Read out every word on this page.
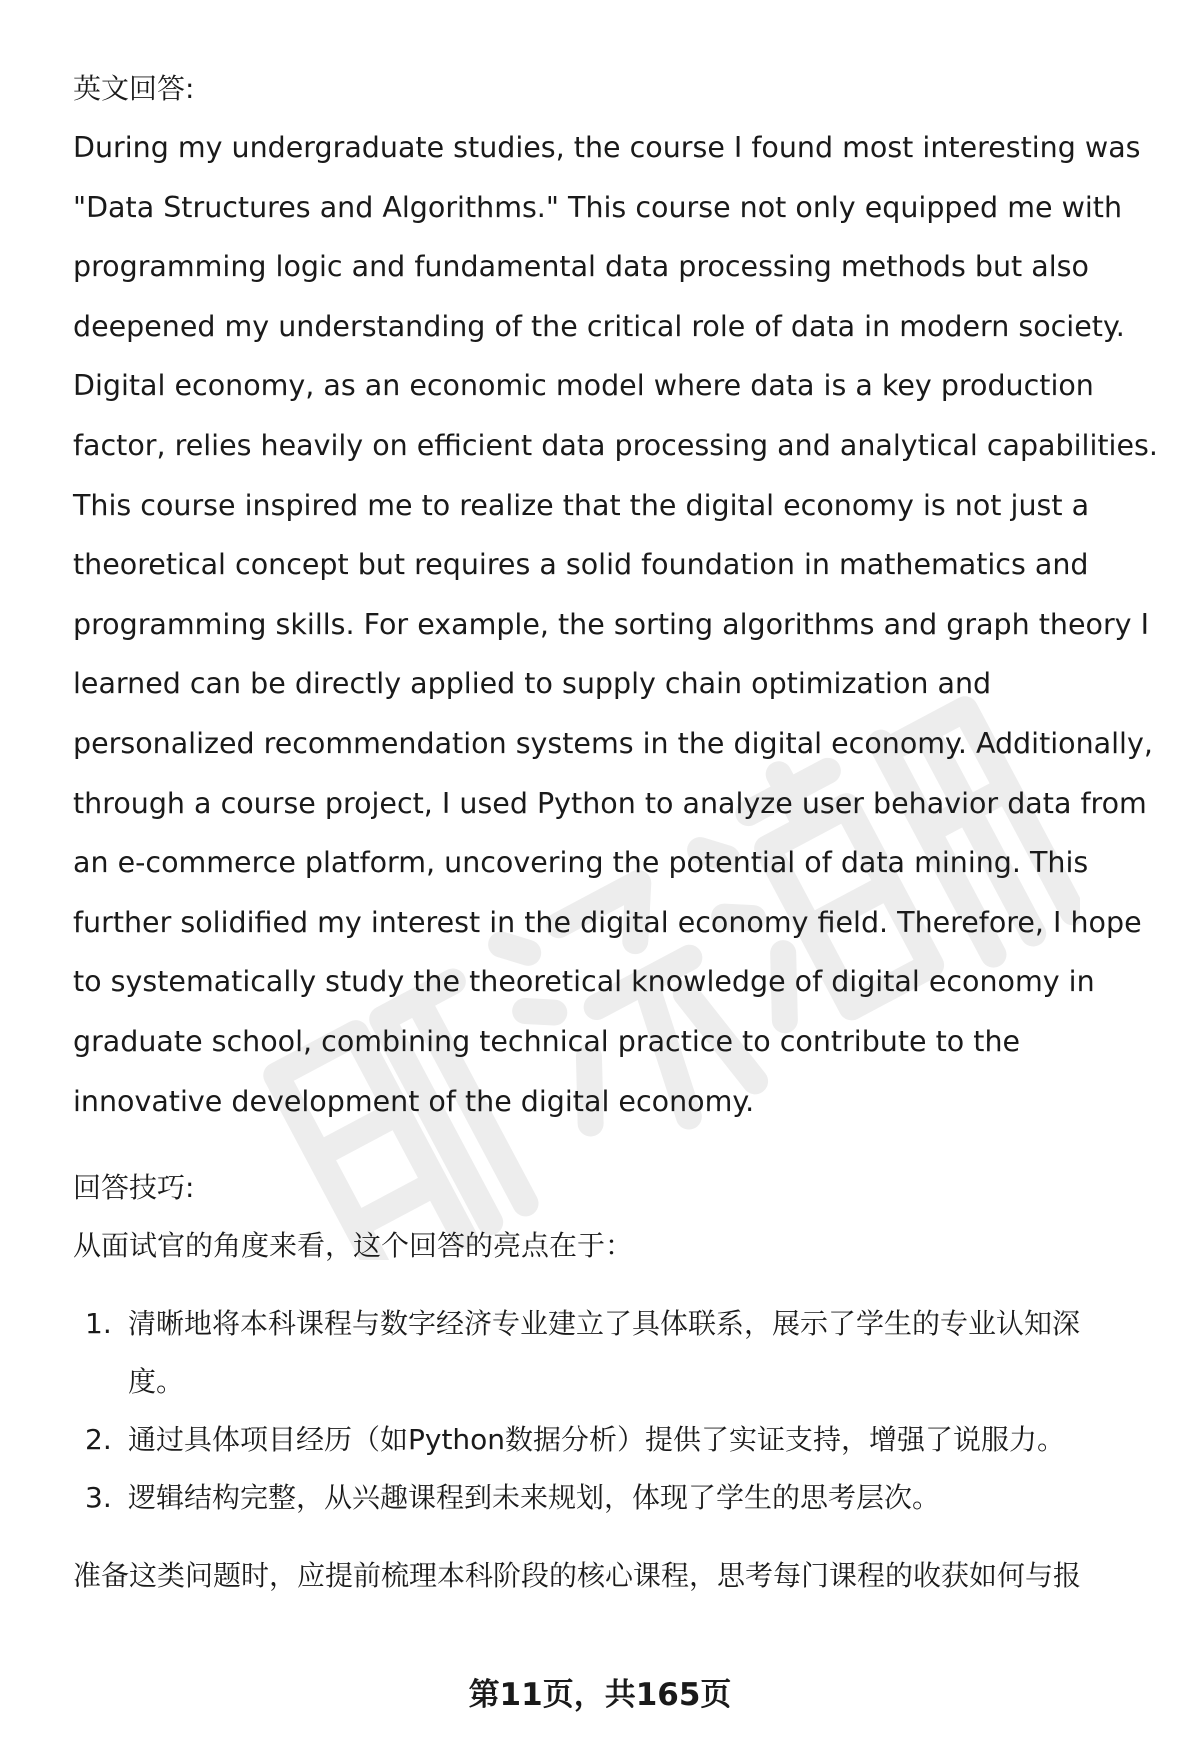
英文回答:

During my undergraduate studies, the course I found most interesting was
"Data Structures and Algorithms." This course not only equipped me with
programming logic and fundamental data processing methods but also
deepened my understanding of the critical role of data in modern society.
Digital economy, as an economic model where data is a key production
factor, relies heavily on efficient data processing and analytical capabilities.
This course inspired me to realize that the digital economy is not just a
theoretical concept but requires a solid foundation in mathematics and
programming skills. For example, the sorting algorithms and graph theory I
learned can be directly applied to supply chain optimization and
personalized recommendation systems in the digital economy. Additionally,
through a course project, I used Python to analyze user behavior data from
an e-commerce platform, uncovering the potential of data mining. This
further solidified my interest in the digital economy field. Therefore, I hope
to systematically study the theoretical knowledge of digital economy in
graduate school, combining technical practice to contribute to the
innovative development of the digital economy.

回答技巧:

从面试官的角度来看，这个回答的亮点在于：

1. 清晰地将本科课程与数字经济专业建立了具体联系，展示了学生的专业认知深
度。
2. 通过具体项目经历（如Python数据分析）提供了实证支持，增强了说服力。
3. 逻辑结构完整，从兴趣课程到未来规划，体现了学生的思考层次。

准备这类问题时，应提前梳理本科阶段的核心课程，思考每门课程的收获如何与报

第11页，共165页
